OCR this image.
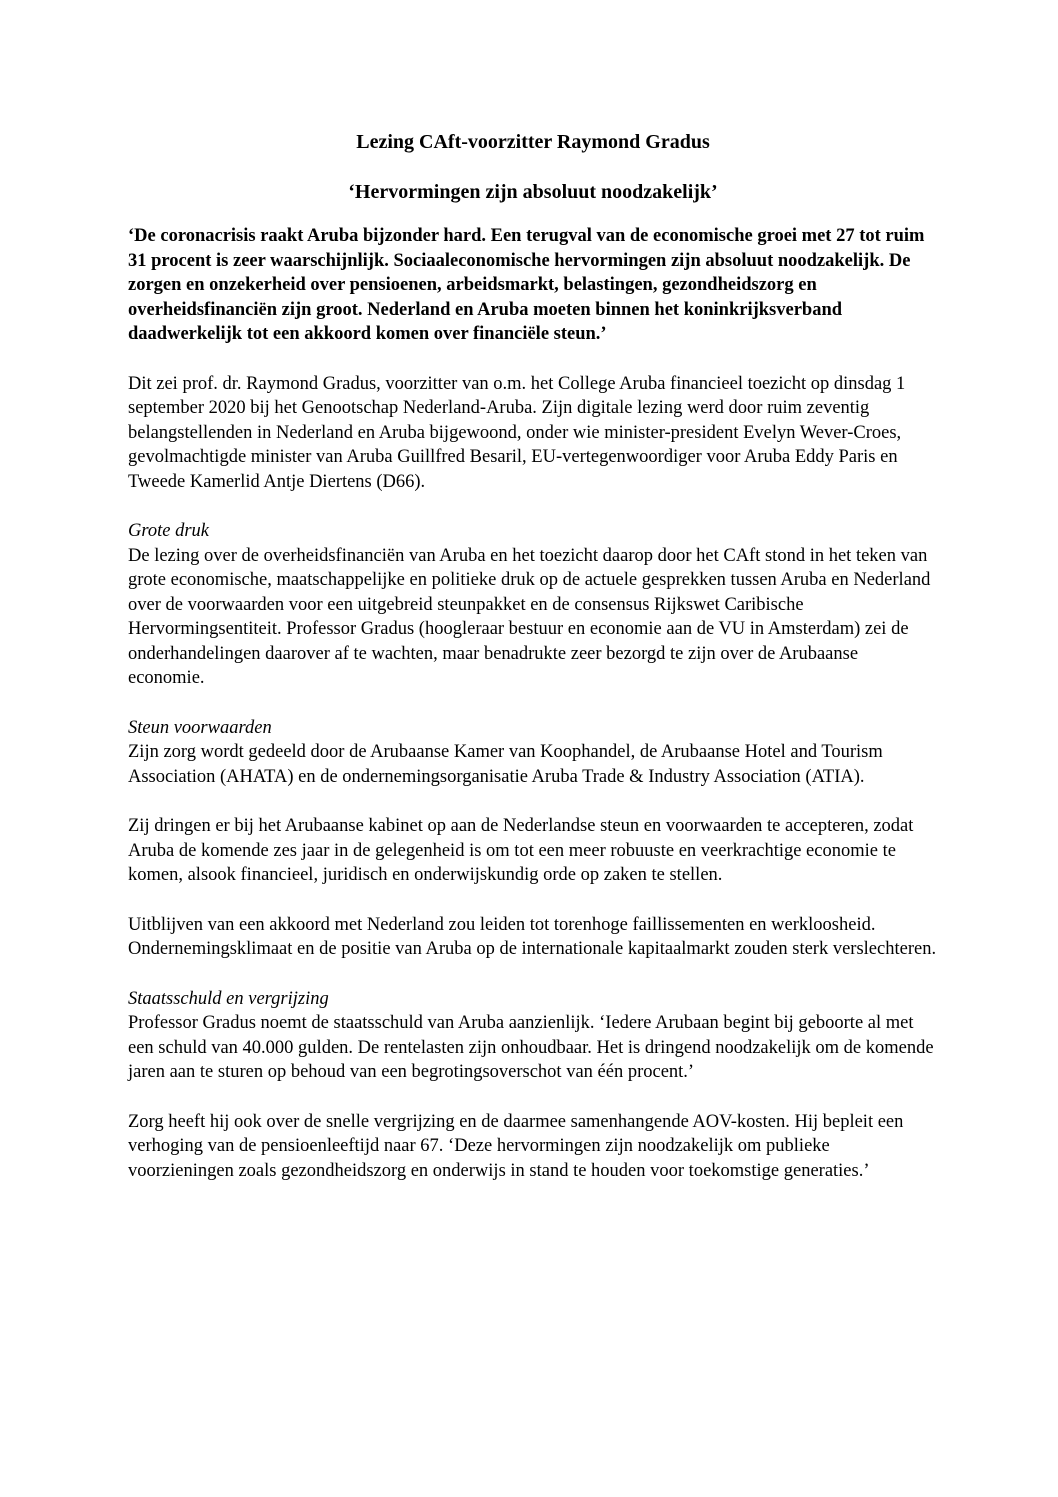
Lezing CAft-voorzitter Raymond Gradus
‘Hervormingen zijn absoluut noodzakelijk’

‘De coronacrisis raakt Aruba bijzonder hard. Een terugval van de economische groei met 27 tot ruim 31 procent is zeer waarschijnlijk. Sociaaleconomische hervormingen zijn absoluut noodzakelijk. De zorgen en onzekerheid over pensioenen, arbeidsmarkt, belastingen, gezondheidszorg en overheidsfinanciën zijn groot. Nederland en Aruba moeten binnen het koninkrijksverband daadwerkelijk tot een akkoord komen over financiële steun.’

Dit zei prof. dr. Raymond Gradus, voorzitter van o.m. het College Aruba financieel toezicht op dinsdag 1 september 2020 bij het Genootschap Nederland-Aruba. Zijn digitale lezing werd door ruim zeventig belangstellenden in Nederland en Aruba bijgewoond, onder wie minister-president Evelyn Wever-Croes, gevolmachtigde minister van Aruba Guillfred Besaril, EU-vertegenwoordiger voor Aruba Eddy Paris en Tweede Kamerlid Antje Diertens (D66).

Grote druk

De lezing over de overheidsfinanciën van Aruba en het toezicht daarop door het CAft stond in het teken van grote economische, maatschappelijke en politieke druk op de actuele gesprekken tussen Aruba en Nederland over de voorwaarden voor een uitgebreid steunpakket en de consensus Rijkswet Caribische Hervormingsentiteit. Professor Gradus (hoogleraar bestuur en economie aan de VU in Amsterdam) zei de onderhandelingen daarover af te wachten, maar benadrukte zeer bezorgd te zijn over de Arubaanse economie.

Steun voorwaarden

Zijn zorg wordt gedeeld door de Arubaanse Kamer van Koophandel, de Arubaanse Hotel and Tourism Association (AHATA) en de ondernemingsorganisatie Aruba Trade & Industry Association (ATIA).

Zij dringen er bij het Arubaanse kabinet op aan de Nederlandse steun en voorwaarden te accepteren, zodat Aruba de komende zes jaar in de gelegenheid is om tot een meer robuuste en veerkrachtige economie te komen, alsook financieel, juridisch en onderwijskundig orde op zaken te stellen.

Uitblijven van een akkoord met Nederland zou leiden tot torenhoge faillissementen en werkloosheid. Ondernemingsklimaat en de positie van Aruba op de internationale kapitaalmarkt zouden sterk verslechteren.

Staatsschuld en vergrijzing

Professor Gradus noemt de staatsschuld van Aruba aanzienlijk. ‘Iedere Arubaan begint bij geboorte al met een schuld van 40.000 gulden. De rentelasten zijn onhoudbaar. Het is dringend noodzakelijk om de komende jaren aan te sturen op behoud van een begrotingsoverschot van één procent.’

Zorg heeft hij ook over de snelle vergrijzing en de daarmee samenhangende AOV-kosten. Hij bepleit een verhoging van de pensioenleeftijd naar 67. ‘Deze hervormingen zijn noodzakelijk om publieke voorzieningen zoals gezondheidszorg en onderwijs in stand te houden voor toekomstige generaties.’
